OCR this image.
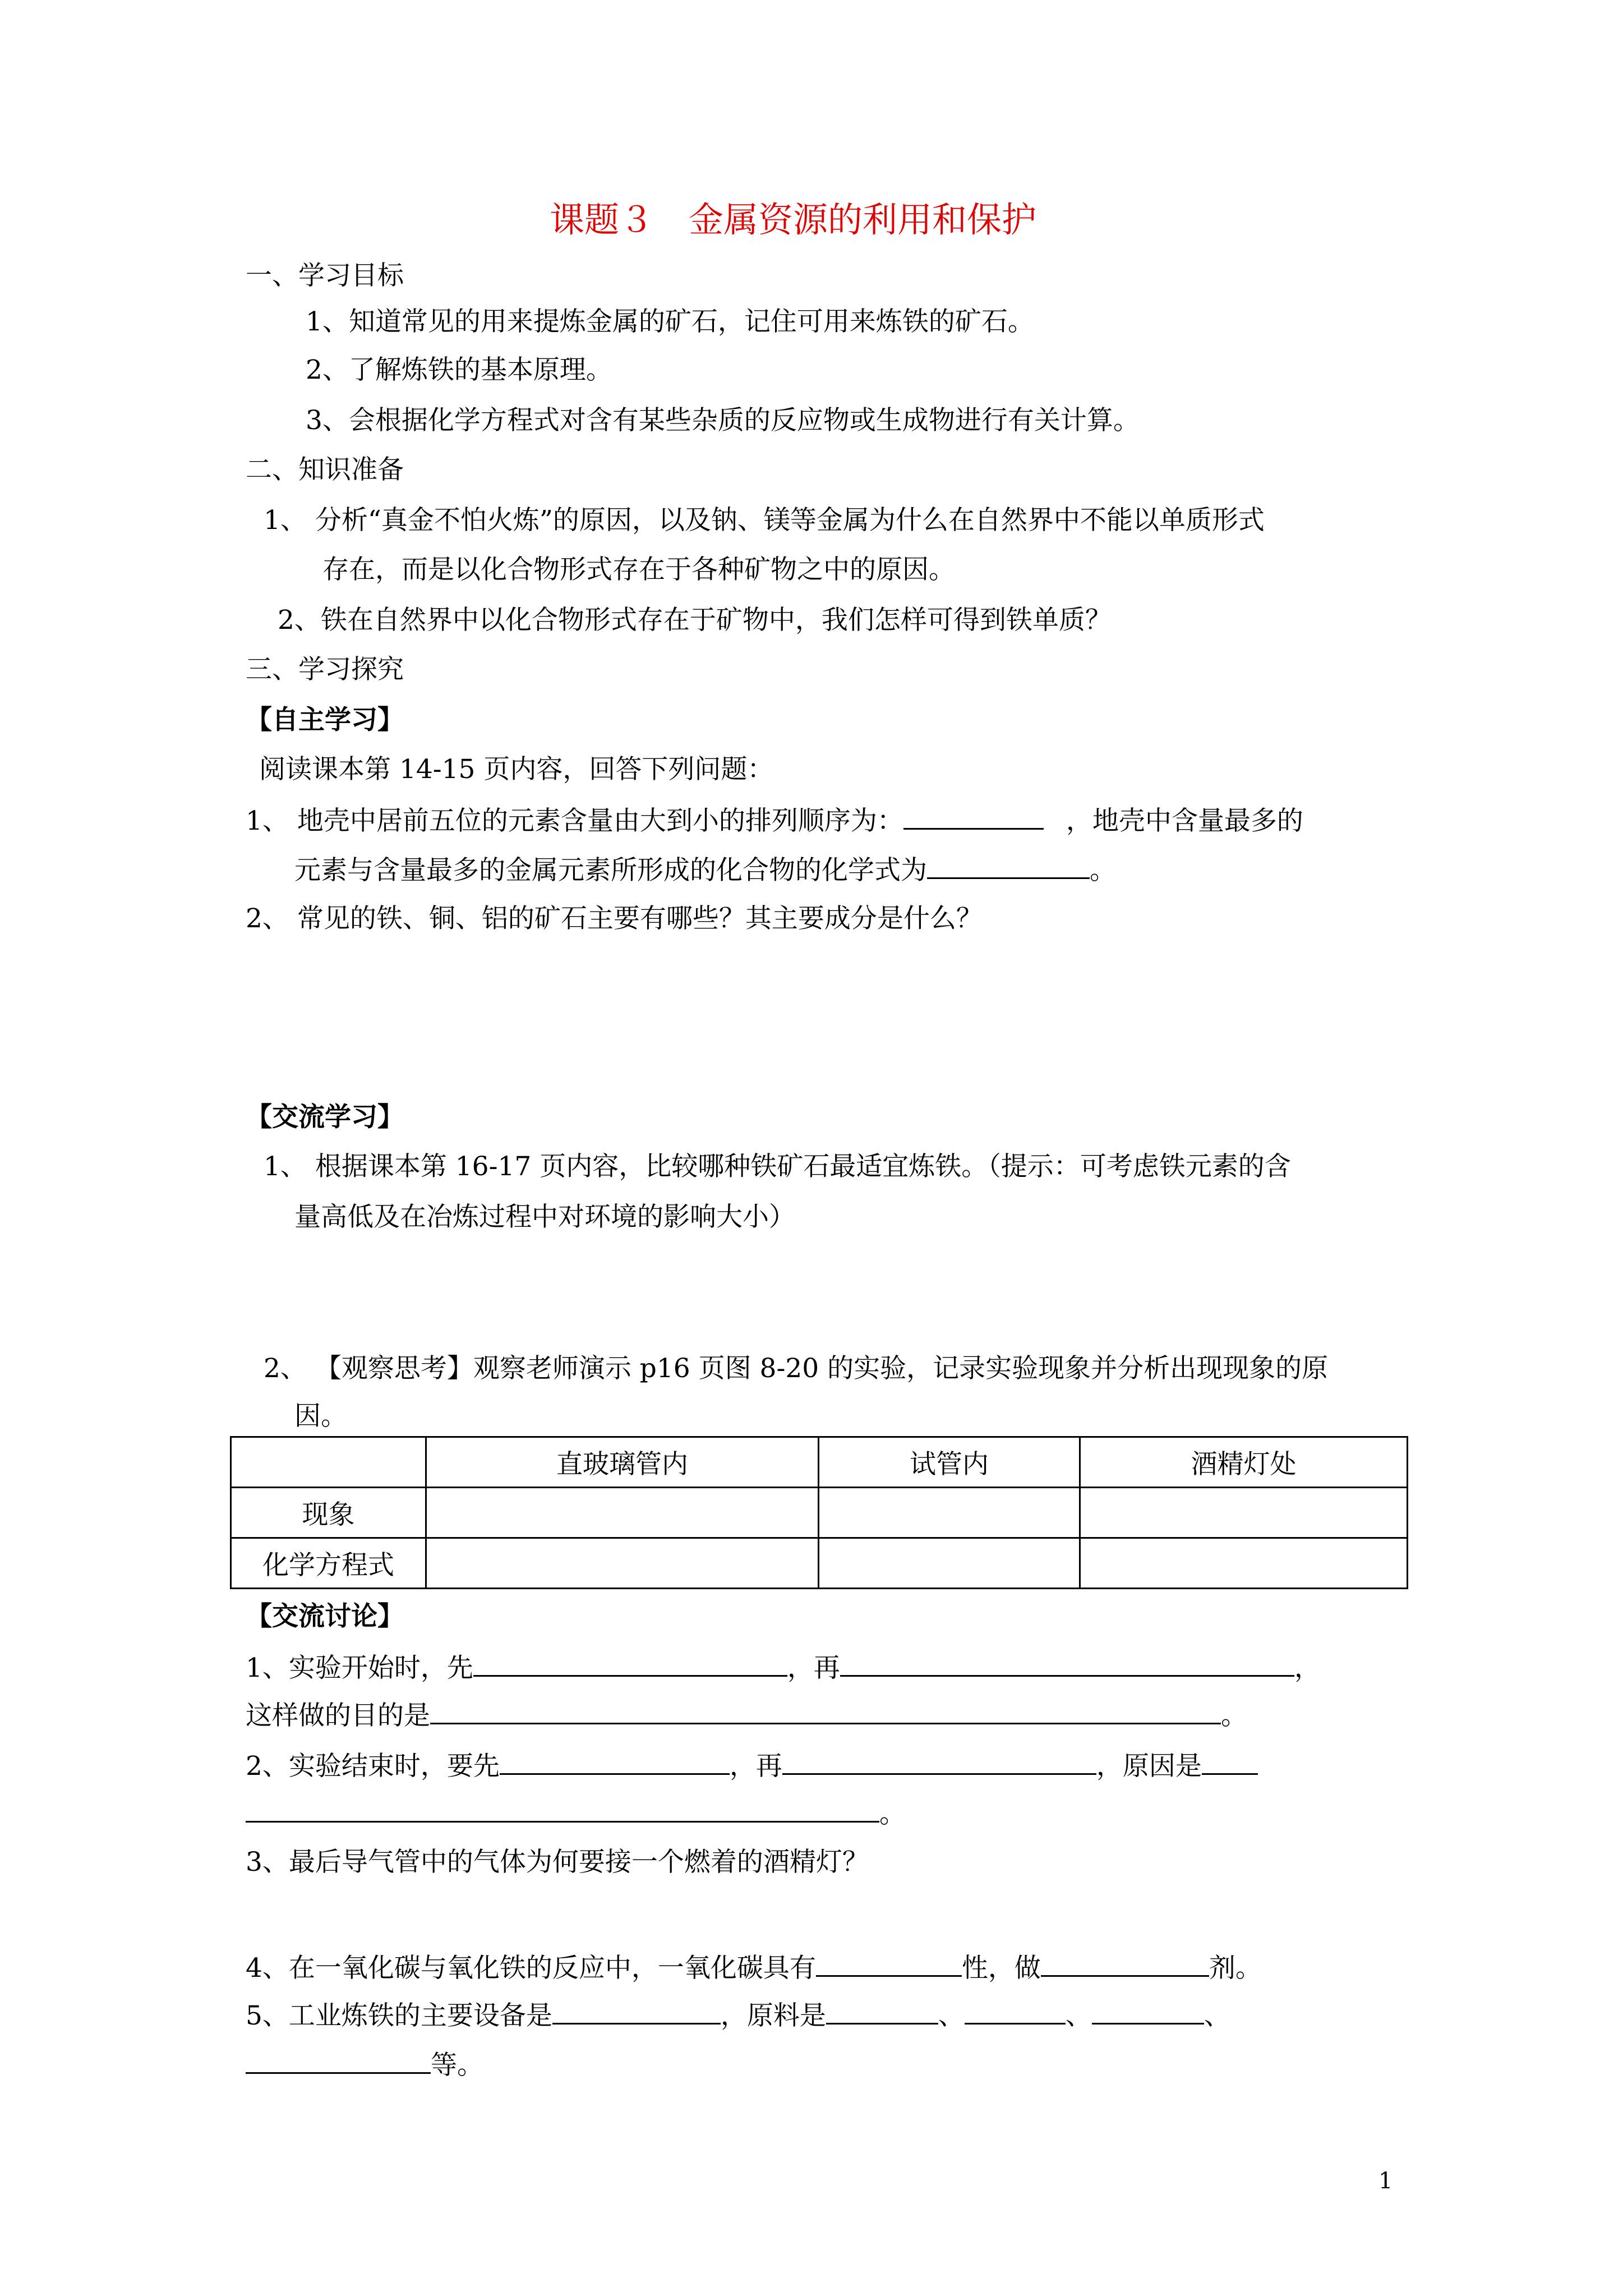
课题３　金属资源的利用和保护
一、学习目标
1、知道常见的用来提炼金属的矿石，记住可用来炼铁的矿石。
2、了解炼铁的基本原理。
3、会根据化学方程式对含有某些杂质的反应物或生成物进行有关计算。
二、知识准备
1、 分析“真金不怕火炼”的原因，以及钠、镁等金属为什么在自然界中不能以单质形式
存在，而是以化合物形式存在于各种矿物之中的原因。
2、铁在自然界中以化合物形式存在于矿物中，我们怎样可得到铁单质？
三、学习探究
【自主学习】
阅读课本第 14-15 页内容，回答下列问题：
1、 地壳中居前五位的元素含量由大到小的排列顺序为：	，地壳中含量最多的
元素与含量最多的金属元素所形成的化合物的化学式为	。
2、 常见的铁、铜、铝的矿石主要有哪些？其主要成分是什么？
【交流学习】
1、 根据课本第 16-17 页内容，比较哪种铁矿石最适宜炼铁。（提示：可考虑铁元素的含
量高低及在冶炼过程中对环境的影响大小）
2、 【观察思考】观察老师演示 p16 页图 8-20 的实验，记录实验现象并分析出现现象的原
因。
	直玻璃管内	试管内	酒精灯处
现象			
化学方程式			
【交流讨论】
1、实验开始时，先	，再	，
这样做的目的是	。
2、实验结束时，要先	，再	，原因是
。
3、最后导气管中的气体为何要接一个燃着的酒精灯？
4、在一氧化碳与氧化铁的反应中，一氧化碳具有	性，做	剂。
5、工业炼铁的主要设备是	，原料是	、	、	、
等。
1
